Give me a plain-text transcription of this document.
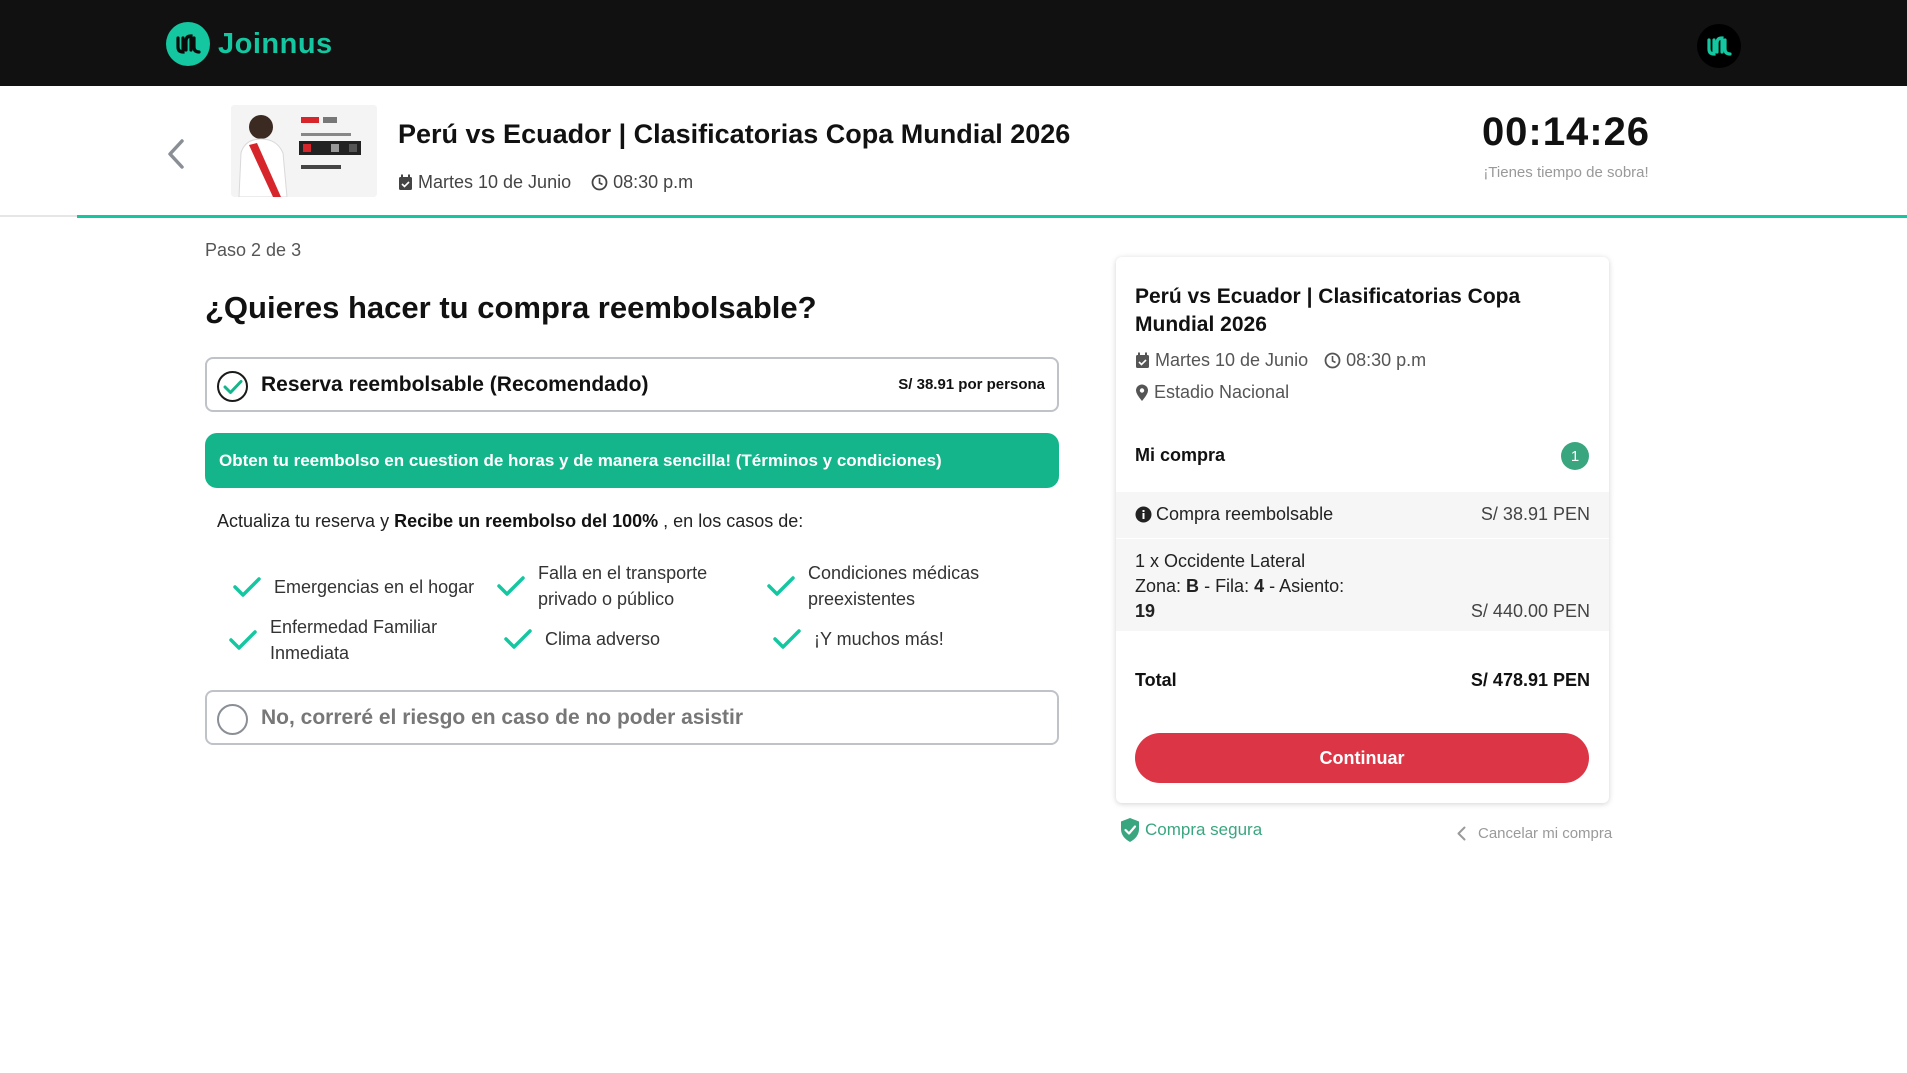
Joinnus
Perú vs Ecuador | Clasificatorias Copa Mundial 2026
Martes 10 de Junio 08:30 p.m
00:14:26
¡Tienes tiempo de sobra!
Paso 2 de 3
¿Quieres hacer tu compra reembolsable?
Reserva reembolsable (Recomendado)	S/ 38.91 por persona
Obten tu reembolso en cuestion de horas y de manera sencilla! (Términos y condiciones)
Actualiza tu reserva y Recibe un reembolso del 100% , en los casos de:
Emergencias en el hogar
Falla en el transporte privado o público
Condiciones médicas preexistentes
Enfermedad Familiar Inmediata
Clima adverso	¡Y muchos más!
No, correré el riesgo en caso de no poder asistir
Perú vs Ecuador | Clasificatorias Copa Mundial 2026
Martes 10 de Junio 08:30 p.m
Estadio Nacional
Mi compra	1
Compra reembolsable	S/ 38.91 PEN
1 x Occidente Lateral
Zona: B - Fila: 4 - Asiento:
19	S/ 440.00 PEN
Total	S/ 478.91 PEN
Continuar
Compra segura	Cancelar mi compra
